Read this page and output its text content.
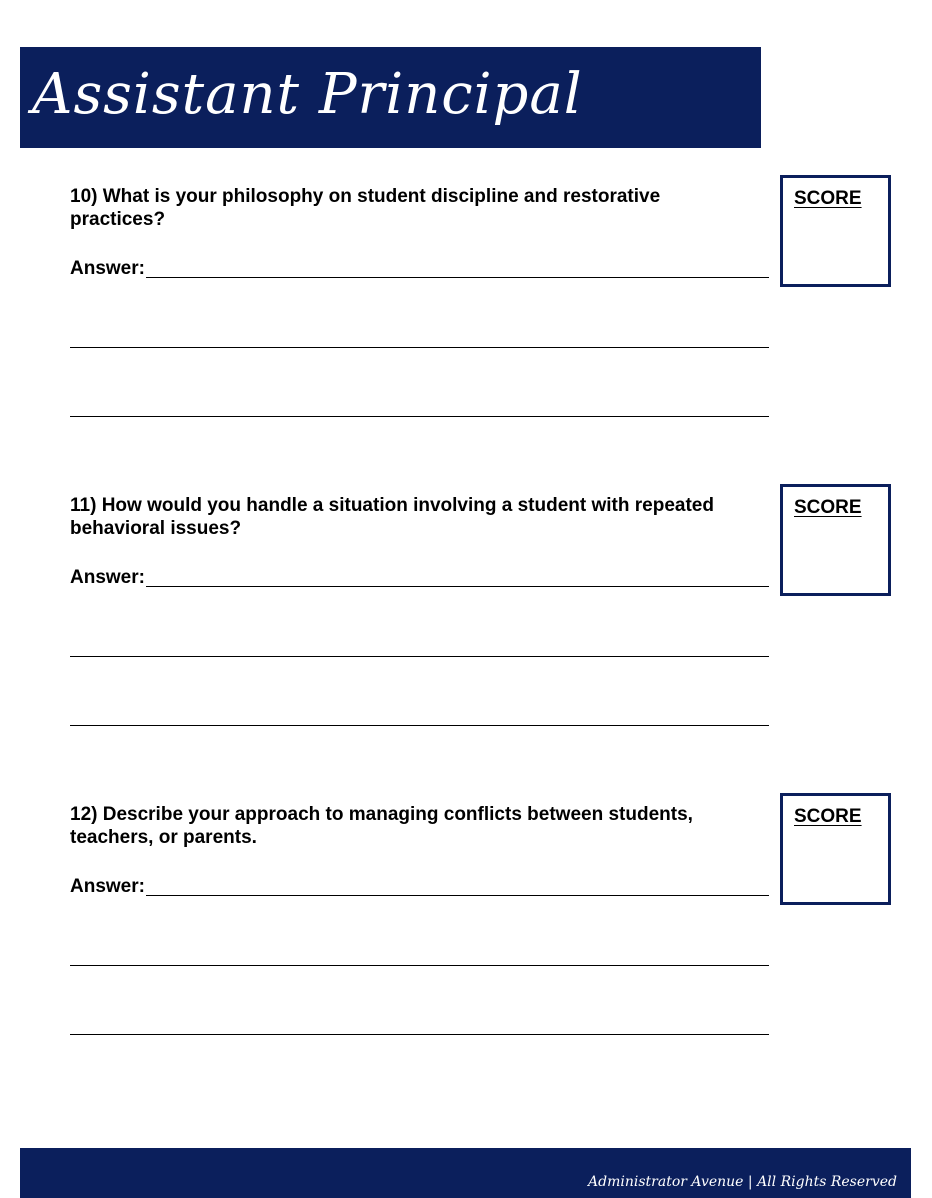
Assistant Principal
10) What is your philosophy on student discipline and restorative practices?
Answer:
SCORE
11) How would you handle a situation involving a student with repeated behavioral issues?
Answer:
SCORE
12) Describe your approach to managing conflicts between students, teachers, or parents.
Answer:
SCORE
Administrator Avenue | All Rights Reserved
